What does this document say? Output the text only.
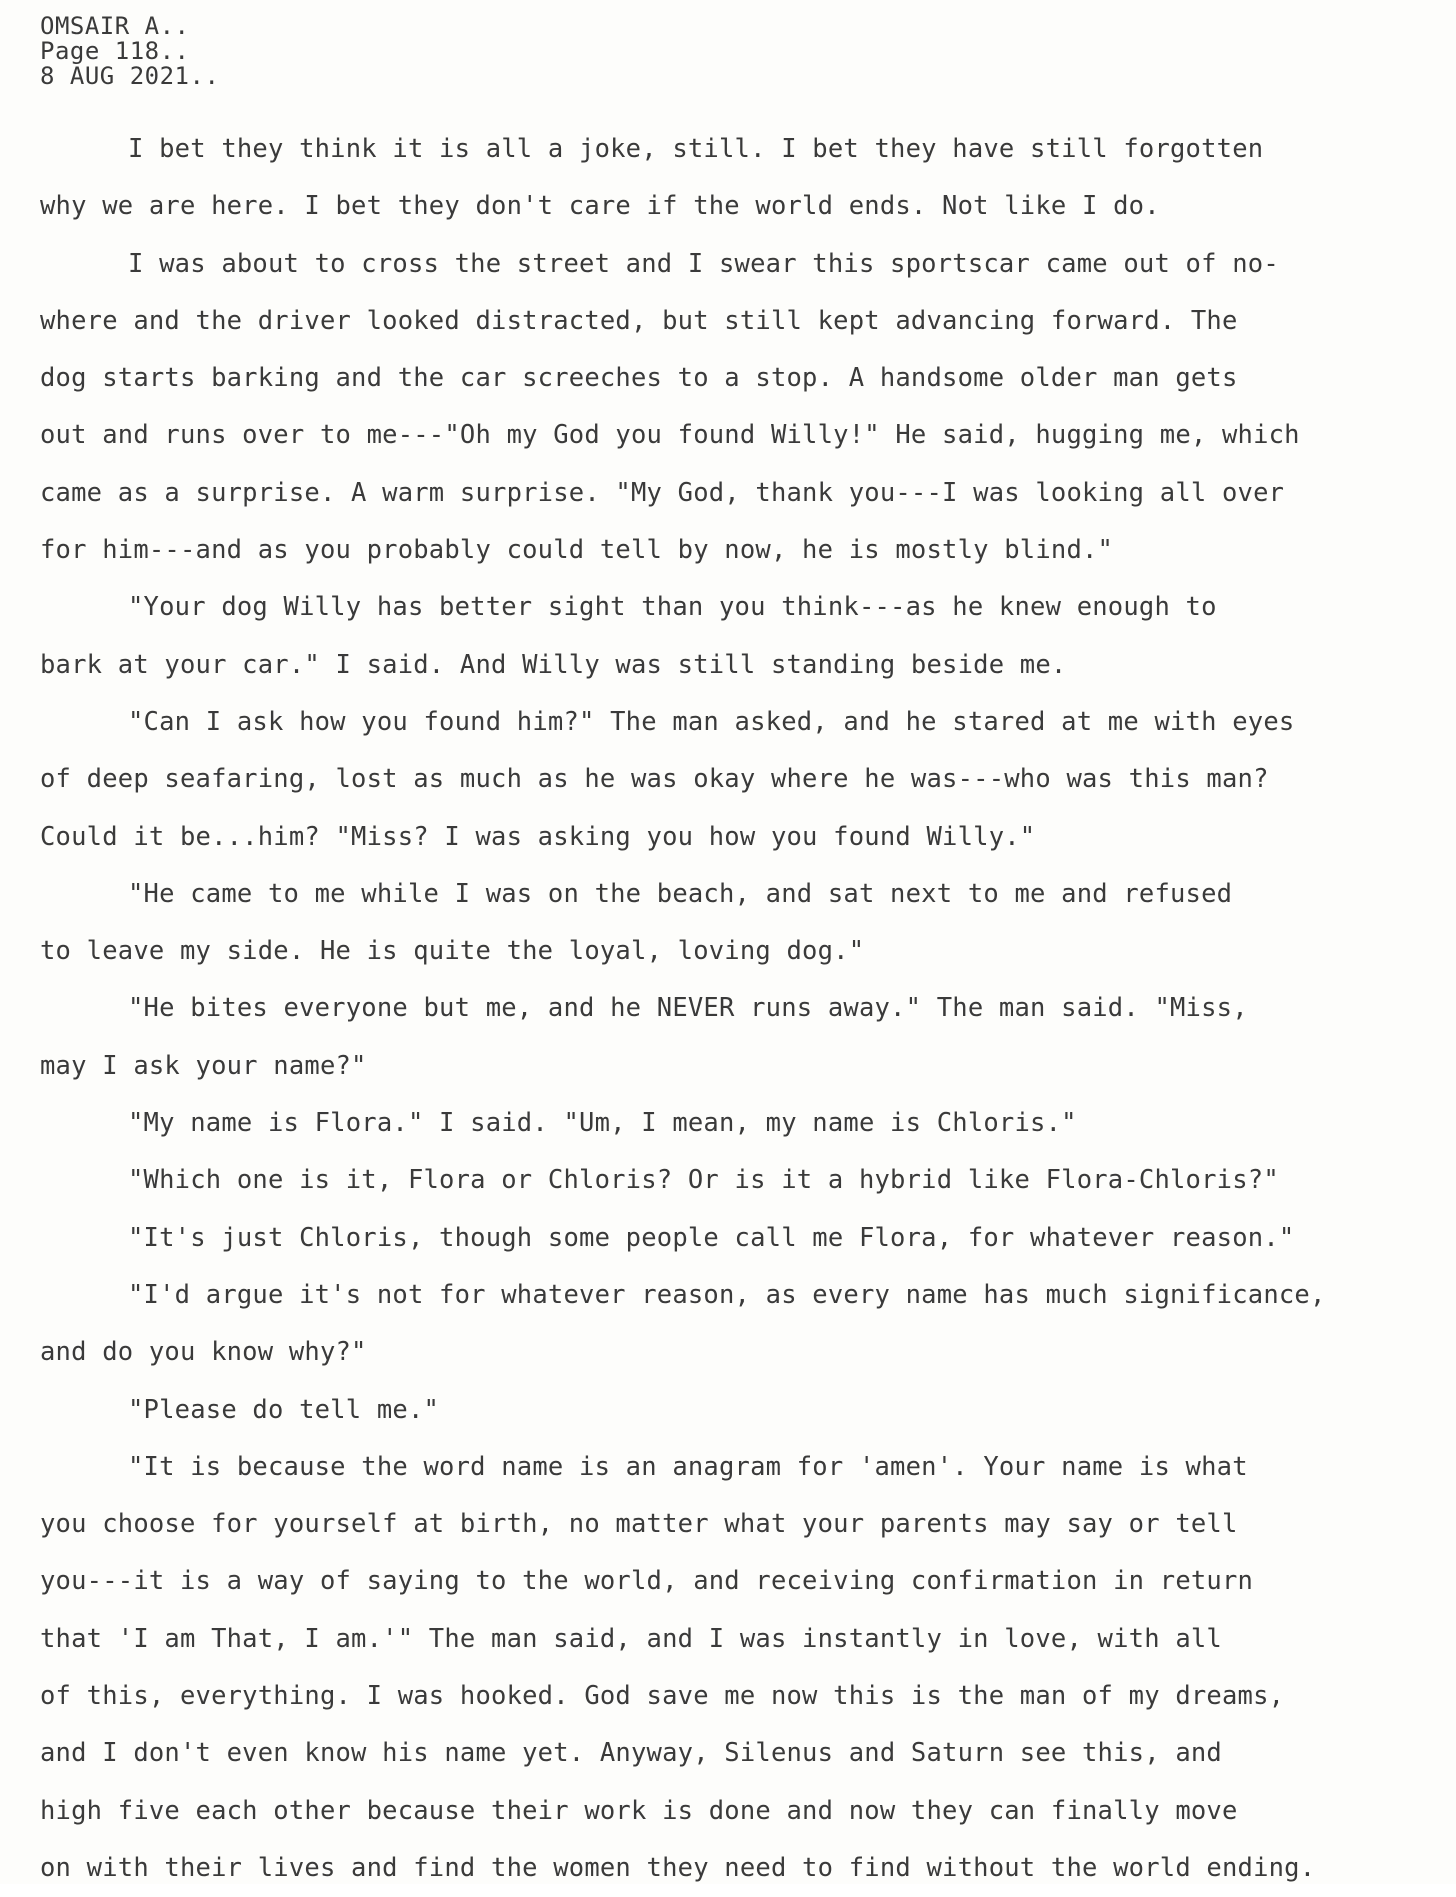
OMSAIR A..
Page 118..
8 AUG 2021..
I bet they think it is all a joke, still. I bet they have still forgotten
why we are here. I bet they don't care if the world ends. Not like I do.
I was about to cross the street and I swear this sportscar came out of no-
where and the driver looked distracted, but still kept advancing forward. The
dog starts barking and the car screeches to a stop. A handsome older man gets
out and runs over to me---"Oh my God you found Willy!" He said, hugging me, which
came as a surprise. A warm surprise. "My God, thank you---I was looking all over
for him---and as you probably could tell by now, he is mostly blind."
"Your dog Willy has better sight than you think---as he knew enough to
bark at your car." I said. And Willy was still standing beside me.
"Can I ask how you found him?" The man asked, and he stared at me with eyes
of deep seafaring, lost as much as he was okay where he was---who was this man?
Could it be...him? "Miss? I was asking you how you found Willy."
"He came to me while I was on the beach, and sat next to me and refused
to leave my side. He is quite the loyal, loving dog."
"He bites everyone but me, and he NEVER runs away." The man said. "Miss,
may I ask your name?"
"My name is Flora." I said. "Um, I mean, my name is Chloris."
"Which one is it, Flora or Chloris? Or is it a hybrid like Flora-Chloris?"
"It's just Chloris, though some people call me Flora, for whatever reason."
"I'd argue it's not for whatever reason, as every name has much significance,
and do you know why?"
"Please do tell me."
"It is because the word name is an anagram for 'amen'. Your name is what
you choose for yourself at birth, no matter what your parents may say or tell
you---it is a way of saying to the world, and receiving confirmation in return
that 'I am That, I am.'" The man said, and I was instantly in love, with all
of this, everything. I was hooked. God save me now this is the man of my dreams,
and I don't even know his name yet. Anyway, Silenus and Saturn see this, and
high five each other because their work is done and now they can finally move
on with their lives and find the women they need to find without the world ending.
